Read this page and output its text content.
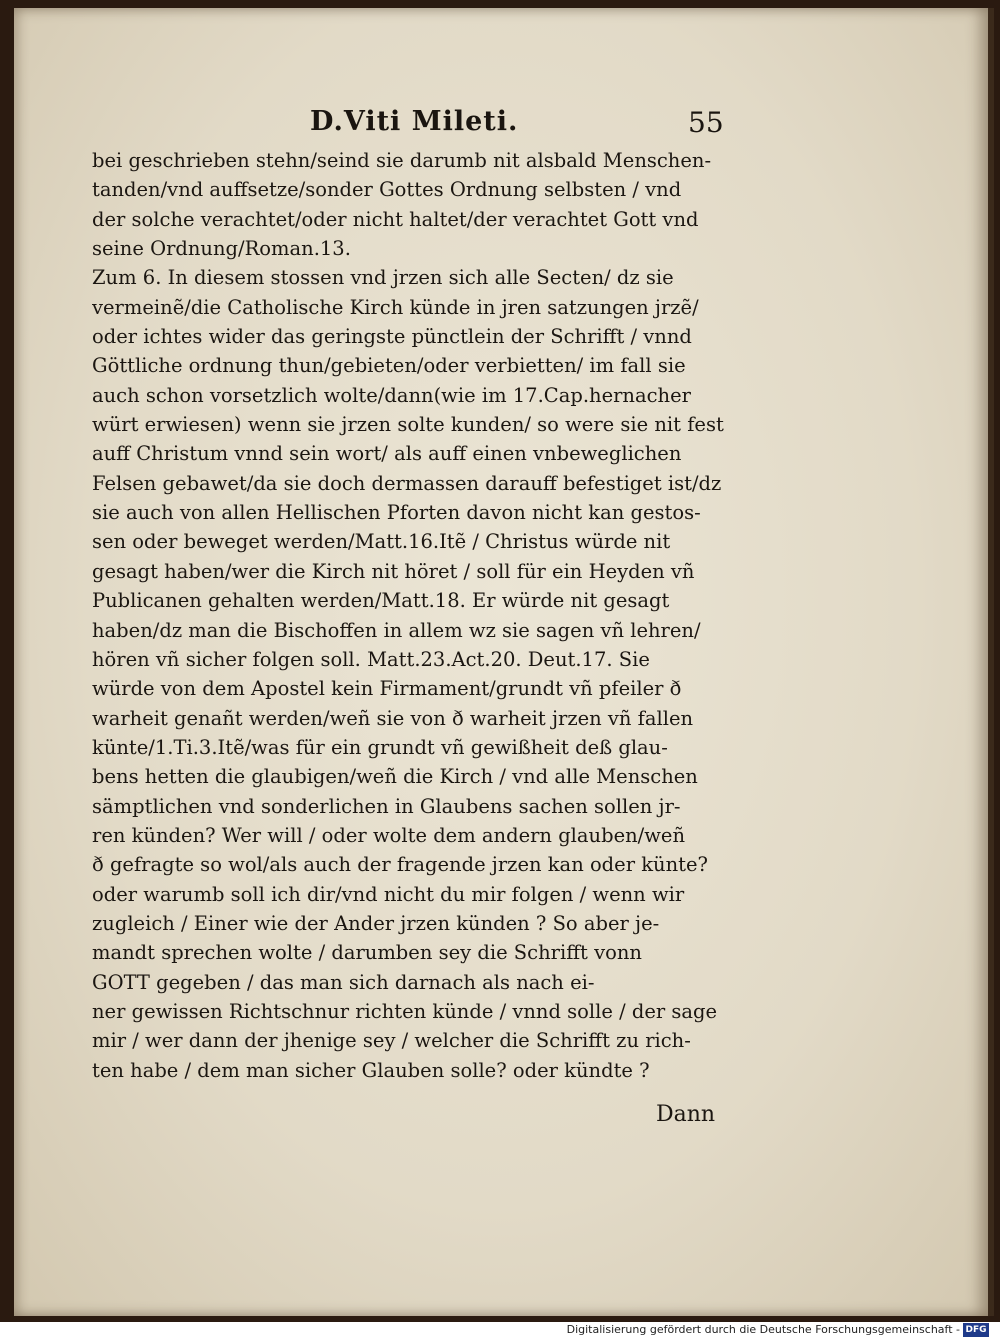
D.Viti Mileti.	55
bei geschrieben stehn/seind sie darumb nit alsbald Menschen-
tanden/vnd auffsetze/sonder Gottes Ordnung selbsten / vnd
der solche verachtet/oder nicht haltet/der verachtet Gott vnd
seine Ordnung/Roman.13.
Zum 6. In diesem stossen vnd jrzen sich alle Secten/ dz sie
vermeinẽ/die Catholische Kirch künde in jren satzungen jrzẽ/
oder ichtes wider das geringste pünctlein der Schrifft / vnnd
Göttliche ordnung thun/gebieten/oder verbietten/ im fall sie
auch schon vorsetzlich wolte/dann(wie im 17.Cap.hernacher
würt erwiesen) wenn sie jrzen solte kunden/ so were sie nit fest
auff Christum vnnd sein wort/ als auff einen vnbeweglichen
Felsen gebawet/da sie doch dermassen darauff befestiget ist/dz
sie auch von allen Hellischen Pforten davon nicht kan gestos-
sen oder beweget werden/Matt.16.Itẽ / Christus würde nit
gesagt haben/wer die Kirch nit höret / soll für ein Heyden vñ
Publicanen gehalten werden/Matt.18. Er würde nit gesagt
haben/dz man die Bischoffen in allem wz sie sagen vñ lehren/
hören vñ sicher folgen soll. Matt.23.Act.20. Deut.17. Sie
würde von dem Apostel kein Firmament/grundt vñ pfeiler ð
warheit genañt werden/weñ sie von ð warheit jrzen vñ fallen
künte/1.Ti.3.Itẽ/was für ein grundt vñ gewißheit deß glau-
bens hetten die glaubigen/weñ die Kirch / vnd alle Menschen
sämptlichen vnd sonderlichen in Glaubens sachen sollen jr-
ren künden? Wer will / oder wolte dem andern glauben/weñ
ð gefragte so wol/als auch der fragende jrzen kan oder künte?
oder warumb soll ich dir/vnd nicht du mir folgen / wenn wir
zugleich / Einer wie der Ander jrzen künden ? So aber je-
mandt sprechen wolte / darumben sey die Schrifft vonn
GOTT gegeben / das man sich darnach als nach ei-
ner gewissen Richtschnur richten künde / vnnd solle / der sage
mir / wer dann der jhenige sey / welcher die Schrifft zu rich-
ten habe / dem man sicher Glauben solle? oder kündte ?
Dann
Digitalisierung gefördert durch die Deutsche Forschungsgemeinschaft - DFG
